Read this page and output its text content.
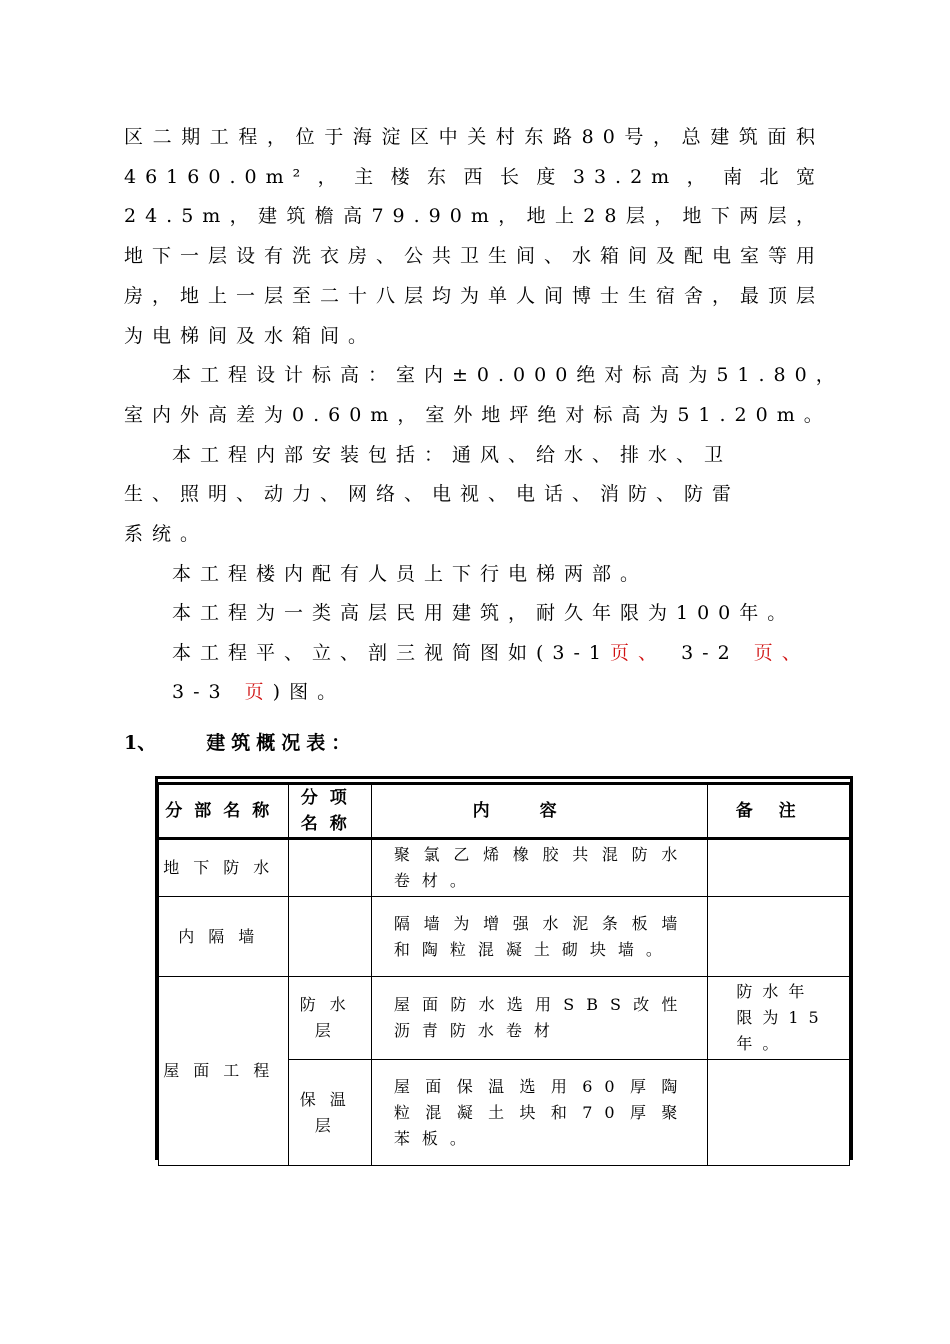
区二期工程，位于海淀区中关村东路80号，总建筑面积46160.0m²，主楼东西长度33.2m，南北宽24.5m，建筑檐高79.90m，地上28层，地下两层，地下一层设有洗衣房、公共卫生间、水箱间及配电室等用房，地上一层至二十八层均为单人间博士生宿舍，最顶层为电梯间及水箱间。
本工程设计标高：室内±0.000绝对标高为51.80，
室内外高差为0.60m，室外地坪绝对标高为51.20m。
本工程内部安装包括：通风、给水、排水、卫
生、照明、动力、网络、电视、电话、消防、防雷
系统。
本工程楼内配有人员上下行电梯两部。
本工程为一类高层民用建筑，耐久年限为100年。
本工程平、立、剖三视简图如(3-1页、 3-2 页、
3-3 页)图。
1、	建筑概况表：
分部名称	分项名称	内容	备注
地下防水		聚氯乙烯橡胶共混防水卷材。	
内隔墙		隔墙为增强水泥条板墙和陶粒混凝土砌块墙。	
屋面工程	防水层	屋面防水选用SBS改性沥青防水卷材	防水年限为15年。
	保温层	屋面保温选用60厚陶粒混凝土块和70厚聚苯板。	
